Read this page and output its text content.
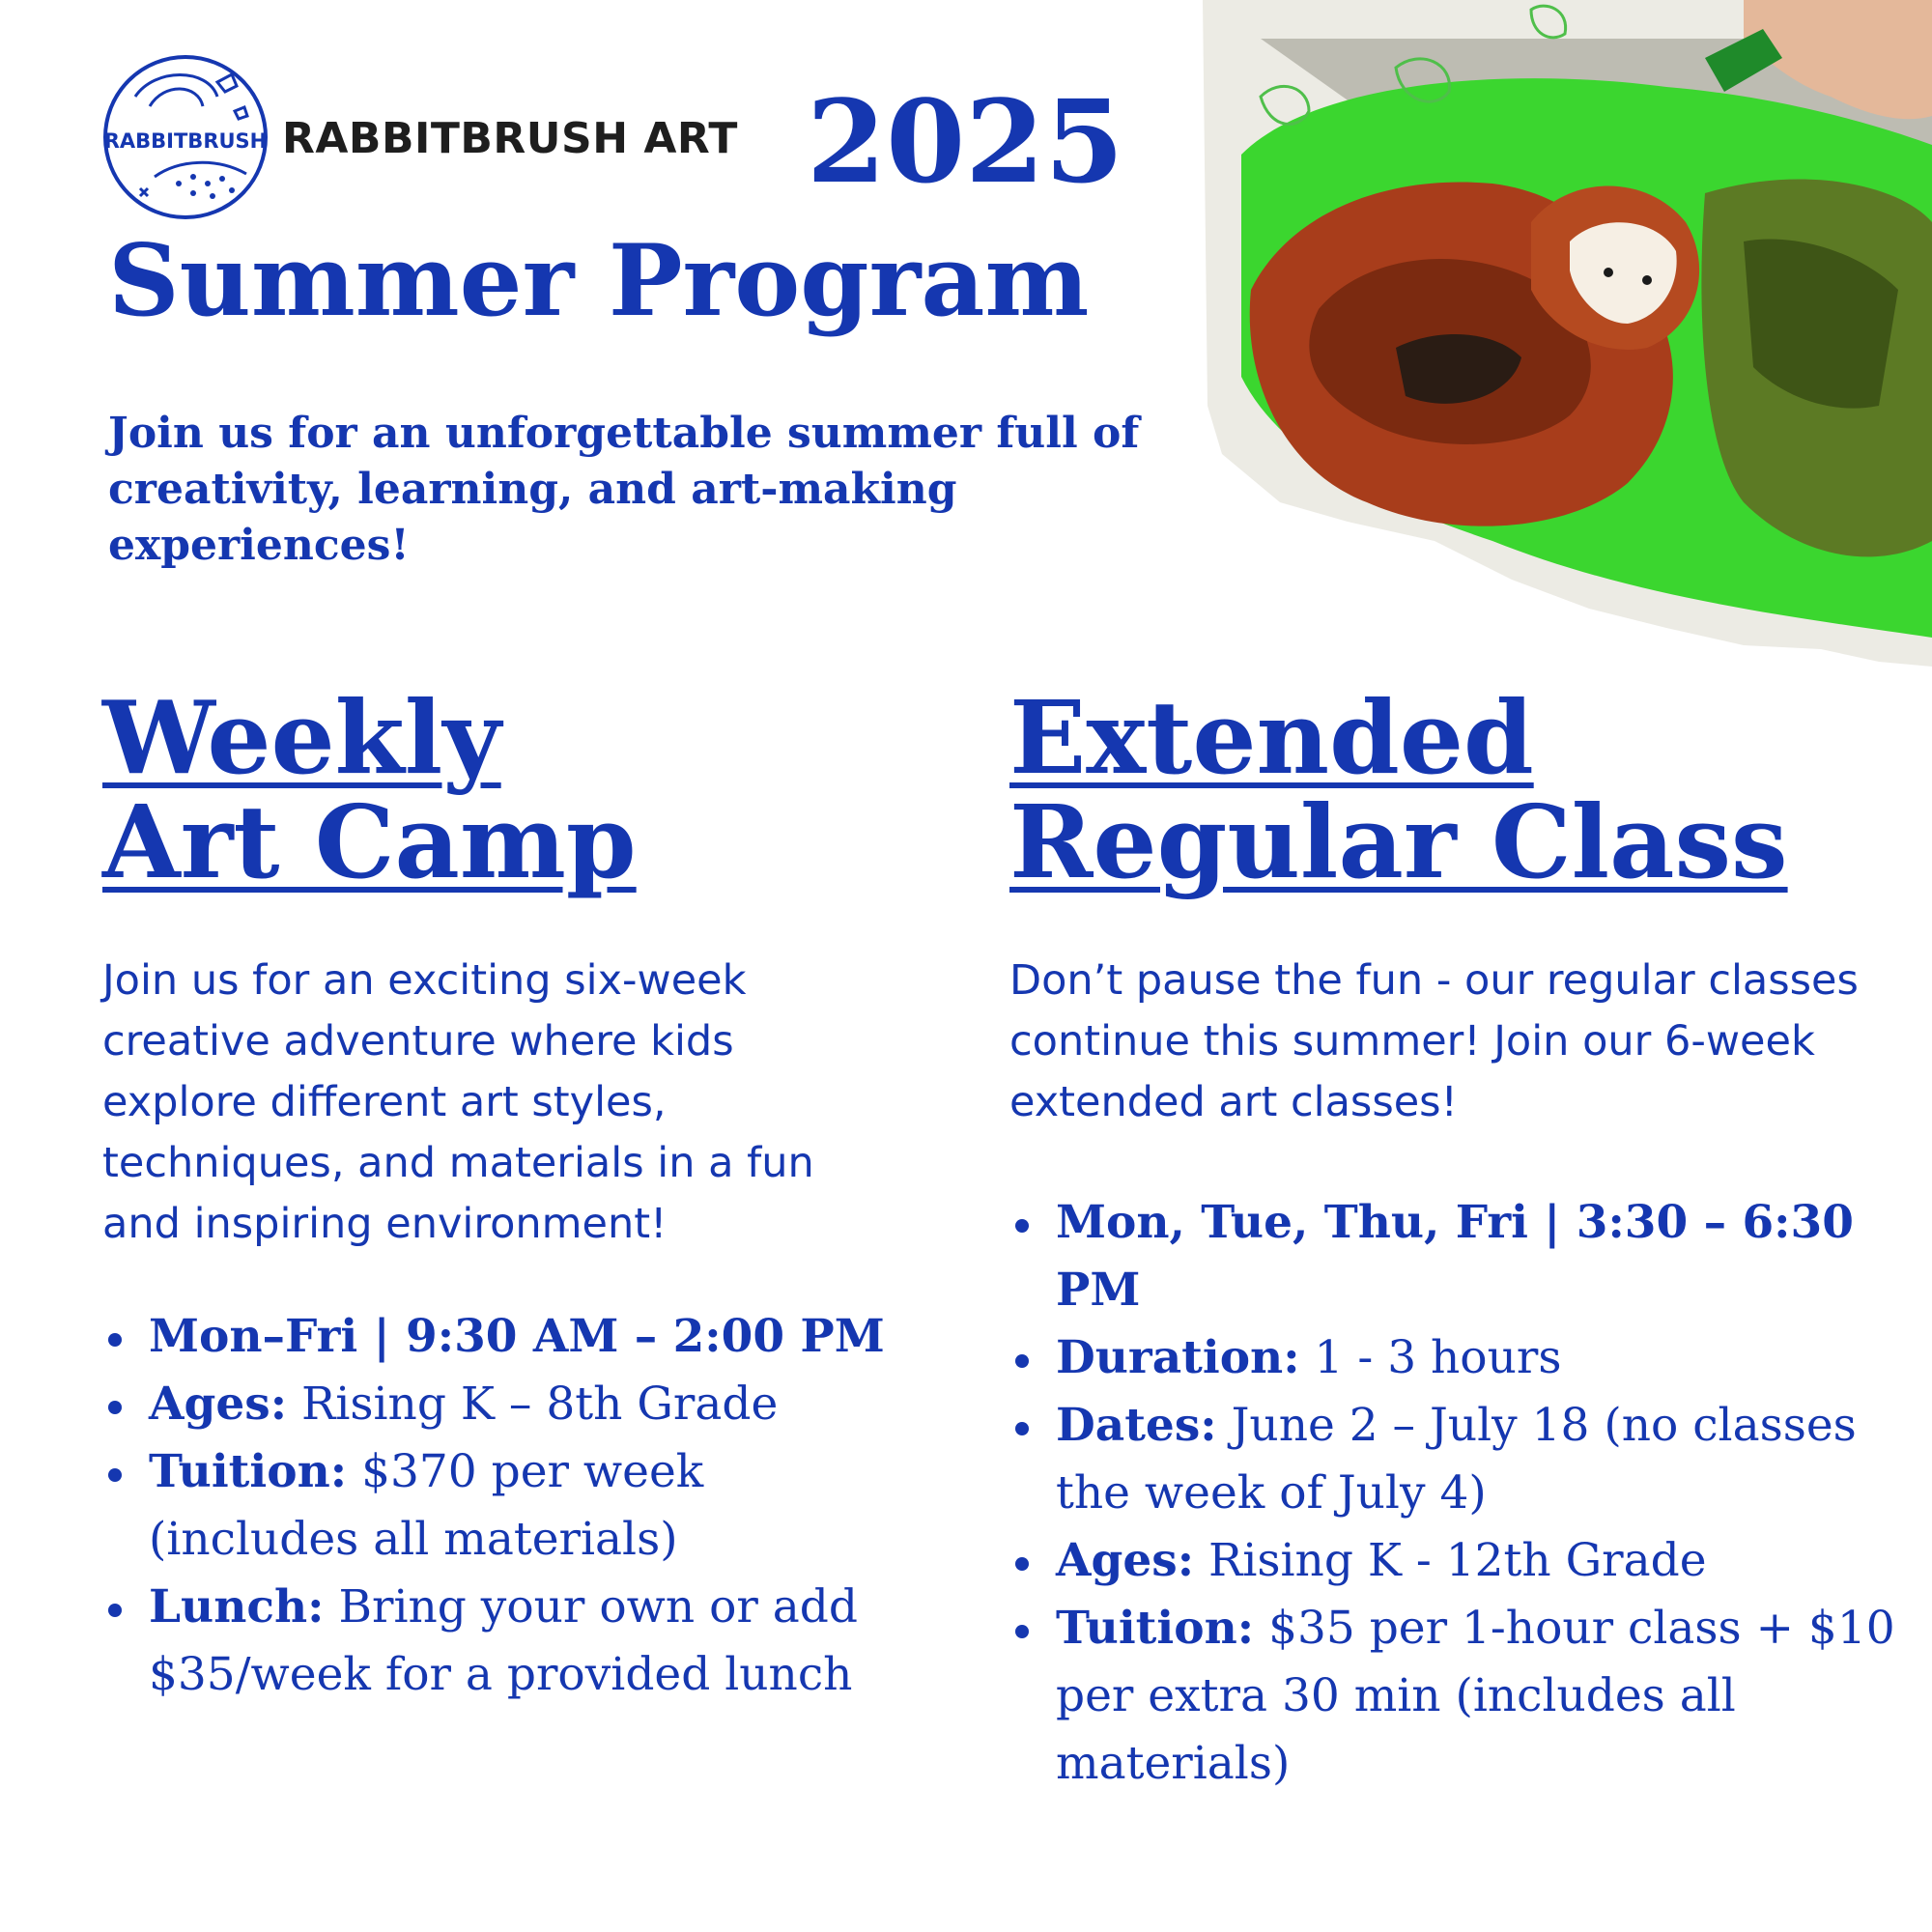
RABBITBRUSH RABBITBRUSH ART 2025
Summer Program
Join us for an unforgettable summer full of creativity, learning, and art-making experiences!
Weekly
Art Camp
Join us for an exciting six-week creative adventure where kids explore different art styles, techniques, and materials in a fun and inspiring environment!
Mon–Fri | 9:30 AM – 2:00 PM
Ages: Rising K – 8th Grade
Tuition: $370 per week (includes all materials)
Lunch: Bring your own or add $35/week for a provided lunch
Extended
Regular Class
Don’t pause the fun - our regular classes continue this summer! Join our 6-week extended art classes!
Mon, Tue, Thu, Fri | 3:30 – 6:30 PM
Duration: 1 - 3 hours
Dates: June 2 – July 18 (no classes the week of July 4)
Ages: Rising K - 12th Grade
Tuition: $35 per 1-hour class + $10 per extra 30 min (includes all materials)
